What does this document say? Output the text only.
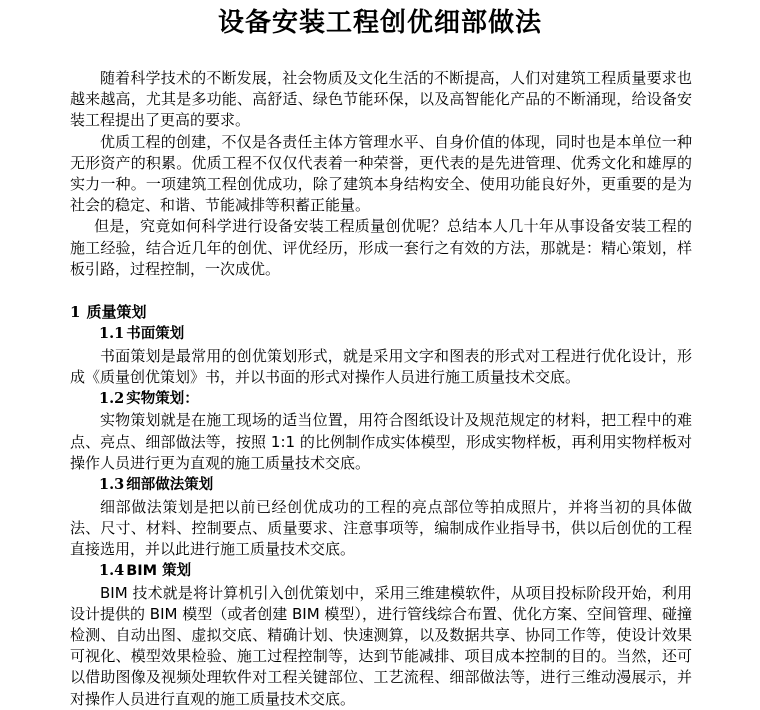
设备安装工程创优细部做法

随着科学技术的不断发展，社会物质及文化生活的不断提高，人们对建筑工程质量要求也越来越高，尤其是多功能、高舒适、绿色节能环保，以及高智能化产品的不断涌现，给设备安装工程提出了更高的要求。

优质工程的创建，不仅是各责任主体方管理水平、自身价值的体现，同时也是本单位一种无形资产的积累。优质工程不仅仅代表着一种荣誉，更代表的是先进管理、优秀文化和雄厚的实力一种。一项建筑工程创优成功，除了建筑本身结构安全、使用功能良好外，更重要的是为社会的稳定、和谐、节能减排等积蓄正能量。

但是，究竟如何科学进行设备安装工程质量创优呢？总结本人几十年从事设备安装工程的施工经验，结合近几年的创优、评优经历，形成一套行之有效的方法，那就是：精心策划，样板引路，过程控制，一次成优。

1 质量策划
1.1 书面策划

书面策划是最常用的创优策划形式，就是采用文字和图表的形式对工程进行优化设计，形成《质量创优策划》书，并以书面的形式对操作人员进行施工质量技术交底。

1.2 实物策划：

实物策划就是在施工现场的适当位置，用符合图纸设计及规范规定的材料，把工程中的难点、亮点、细部做法等，按照 1:1 的比例制作成实体模型，形成实物样板，再利用实物样板对操作人员进行更为直观的施工质量技术交底。

1.3 细部做法策划

细部做法策划是把以前已经创优成功的工程的亮点部位等拍成照片，并将当初的具体做法、尺寸、材料、控制要点、质量要求、注意事项等，编制成作业指导书，供以后创优的工程直接选用，并以此进行施工质量技术交底。

1.4 BIM 策划

BIM 技术就是将计算机引入创优策划中，采用三维建模软件，从项目投标阶段开始，利用设计提供的 BIM 模型（或者创建 BIM 模型），进行管线综合布置、优化方案、空间管理、碰撞检测、自动出图、虚拟交底、精确计划、快速测算，以及数据共享、协同工作等，使设计效果可视化、模型效果检验、施工过程控制等，达到节能减排、项目成本控制的目的。当然，还可以借助图像及视频处理软件对工程关键部位、工艺流程、细部做法等，进行三维动漫展示，并对操作人员进行直观的施工质量技术交底。
